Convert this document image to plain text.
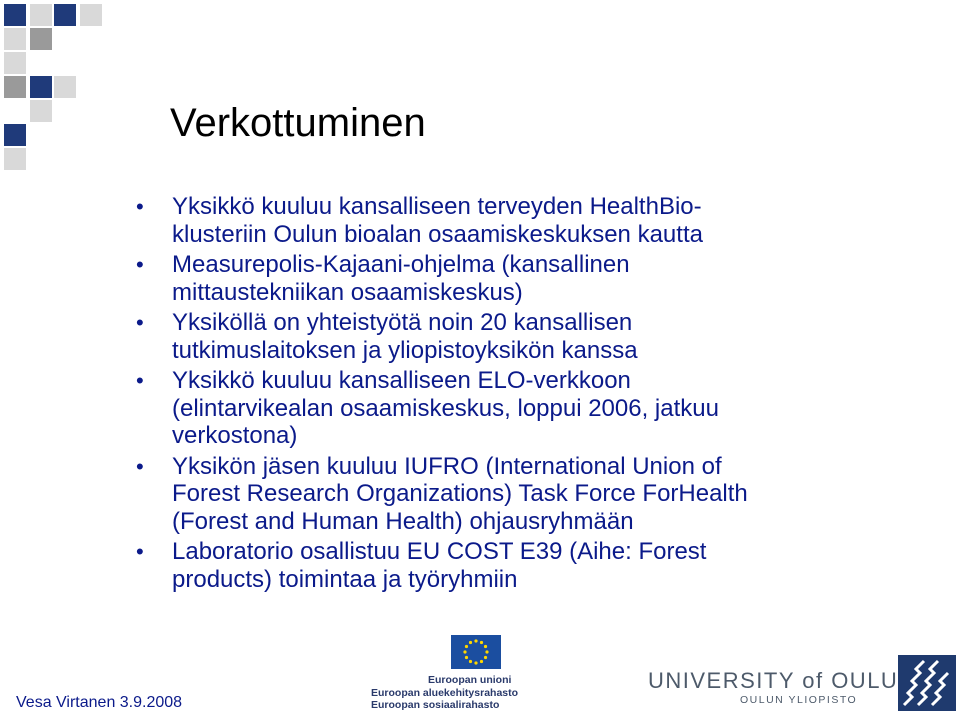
Verkottuminen
• Yksikkö kuuluu kansalliseen terveyden HealthBio-
klusteriin Oulun bioalan osaamiskeskuksen kautta
• Measurepolis-Kajaani-ohjelma (kansallinen
mittaustekniikan osaamiskeskus)
• Yksiköllä on yhteistyötä noin 20 kansallisen
tutkimuslaitoksen ja yliopistoyksikön kanssa
• Yksikkö kuuluu kansalliseen ELO-verkkoon
(elintarvikealan osaamiskeskus, loppui 2006, jatkuu
verkostona)
• Yksikön jäsen kuuluu IUFRO (International Union of
Forest Research Organizations) Task Force ForHealth
(Forest and Human Health) ohjausryhmään
• Laboratorio osallistuu EU COST E39 (Aihe: Forest
products) toimintaa ja työryhmiin
Vesa Virtanen 3.9.2008
Euroopan unioni
Euroopan aluekehitysrahasto
Euroopan sosiaalirahasto
UNIVERSITY of OULU
OULUN YLIOPISTO
